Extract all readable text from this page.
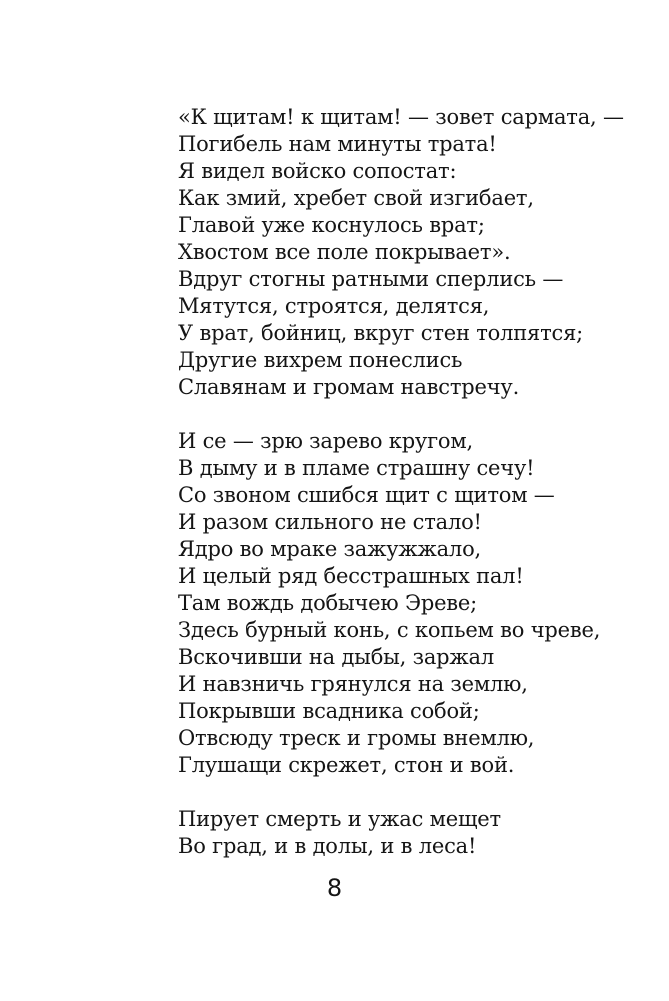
«К щитам! к щитам! — зовет сармата, —
Погибель нам минуты трата!
Я видел войско сопостат:
Как змий, хребет свой изгибает,
Главой уже коснулось врат;
Хвостом все поле покрывает».
Вдруг стогны ратными сперлись —
Мятутся, строятся, делятся,
У врат, бойниц, вкруг стен толпятся;
Другие вихрем понеслись
Славянам и громам навстречу.
И се — зрю зарево кругом,
В дыму и в пламе страшну сечу!
Со звоном сшибся щит с щитом —
И разом сильного не стало!
Ядро во мраке зажужжало,
И целый ряд бесстрашных пал!
Там вождь добычею Эреве;
Здесь бурный конь, с копьем во чреве,
Вскочивши на дыбы, заржал
И навзничь грянулся на землю,
Покрывши всадника собой;
Отвсюду треск и громы внемлю,
Глушащи скрежет, стон и вой.
Пирует смерть и ужас мещет
Во град, и в долы, и в леса!
8
